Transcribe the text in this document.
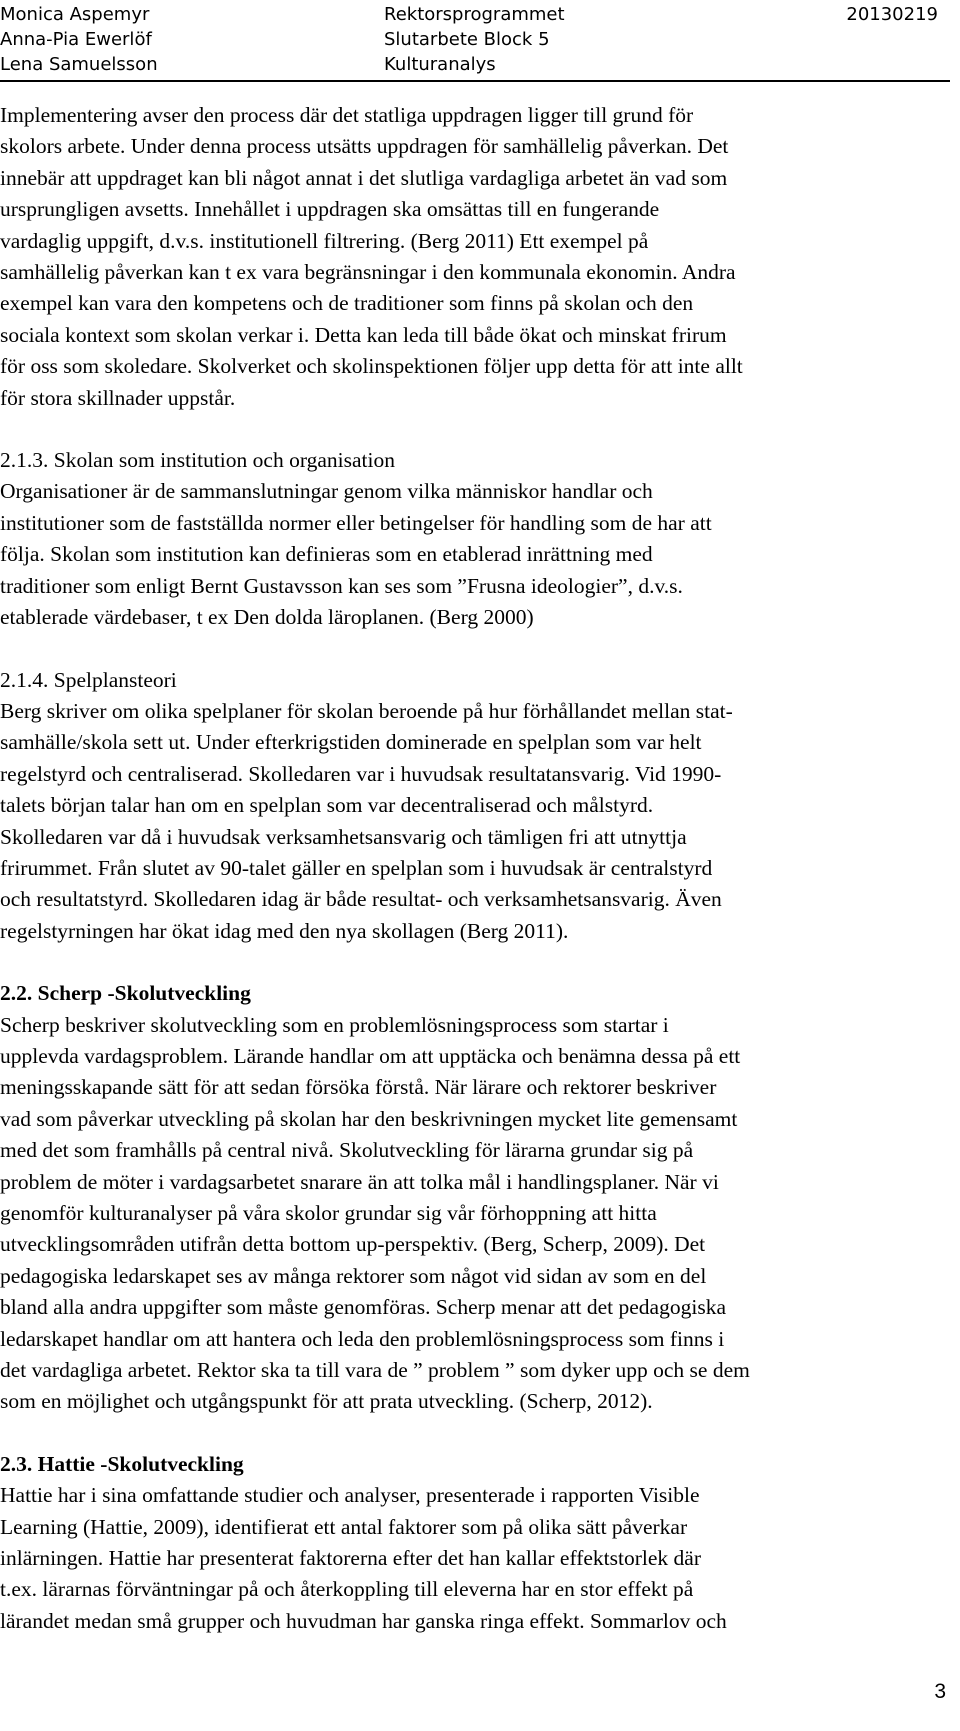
Monica Aspemyr
Anna-Pia Ewerlöf
Lena Samuelsson
Rektorsprogrammet
Slutarbete Block 5
Kulturanalys
20130219
Implementering avser den process där det statliga uppdragen ligger till grund för
skolors arbete. Under denna process utsätts uppdragen för samhällelig påverkan. Det
innebär att uppdraget kan bli något annat i det slutliga vardagliga arbetet än vad som
ursprungligen avsetts. Innehållet i uppdragen ska omsättas till en fungerande
vardaglig uppgift, d.v.s. institutionell filtrering. (Berg 2011) Ett exempel på
samhällelig påverkan kan t ex vara begränsningar i den kommunala ekonomin. Andra
exempel kan vara den kompetens och de traditioner som finns på skolan och den
sociala kontext som skolan verkar i. Detta kan leda till både ökat och minskat frirum
för oss som skoledare. Skolverket och skolinspektionen följer upp detta för att inte allt
för stora skillnader uppstår.
2.1.3. Skolan som institution och organisation
Organisationer är de sammanslutningar genom vilka människor handlar och
institutioner som de fastställda normer eller betingelser för handling som de har att
följa. Skolan som institution kan definieras som en etablerad inrättning med
traditioner som enligt Bernt Gustavsson kan ses som ”Frusna ideologier”, d.v.s.
etablerade värdebaser, t ex Den dolda läroplanen. (Berg 2000)
2.1.4. Spelplansteori
Berg skriver om olika spelplaner för skolan beroende på hur förhållandet mellan stat-
samhälle/skola sett ut. Under efterkrigstiden dominerade en spelplan som var helt
regelstyrd och centraliserad. Skolledaren var i huvudsak resultatansvarig. Vid 1990-
talets början talar han om en spelplan som var decentraliserad och målstyrd.
Skolledaren var då i huvudsak verksamhetsansvarig och tämligen fri att utnyttja
frirummet. Från slutet av 90-talet gäller en spelplan som i huvudsak är centralstyrd
och resultatstyrd. Skolledaren idag är både resultat- och verksamhetsansvarig. Även
regelstyrningen har ökat idag med den nya skollagen (Berg 2011).
2.2. Scherp -Skolutveckling
Scherp beskriver skolutveckling som en problemlösningsprocess som startar i
upplevda vardagsproblem. Lärande handlar om att upptäcka och benämna dessa på ett
meningsskapande sätt för att sedan försöka förstå. När lärare och rektorer beskriver
vad som påverkar utveckling på skolan har den beskrivningen mycket lite gemensamt
med det som framhålls på central nivå. Skolutveckling för lärarna grundar sig på
problem de möter i vardagsarbetet snarare än att tolka mål i handlingsplaner. När vi
genomför kulturanalyser på våra skolor grundar sig vår förhoppning att hitta
utvecklingsområden utifrån detta bottom up-perspektiv. (Berg, Scherp, 2009). Det
pedagogiska ledarskapet ses av många rektorer som något vid sidan av som en del
bland alla andra uppgifter som måste genomföras. Scherp menar att det pedagogiska
ledarskapet handlar om att hantera och leda den problemlösningsprocess som finns i
det vardagliga arbetet. Rektor ska ta till vara de ” problem ” som dyker upp och se dem
som en möjlighet och utgångspunkt för att prata utveckling. (Scherp, 2012).
2.3. Hattie -Skolutveckling
Hattie har i sina omfattande studier och analyser, presenterade i rapporten Visible
Learning (Hattie, 2009), identifierat ett antal faktorer som på olika sätt påverkar
inlärningen. Hattie har presenterat faktorerna efter det han kallar effektstorlek där
t.ex. lärarnas förväntningar på och återkoppling till eleverna har en stor effekt på
lärandet medan små grupper och huvudman har ganska ringa effekt. Sommarlov och
3
